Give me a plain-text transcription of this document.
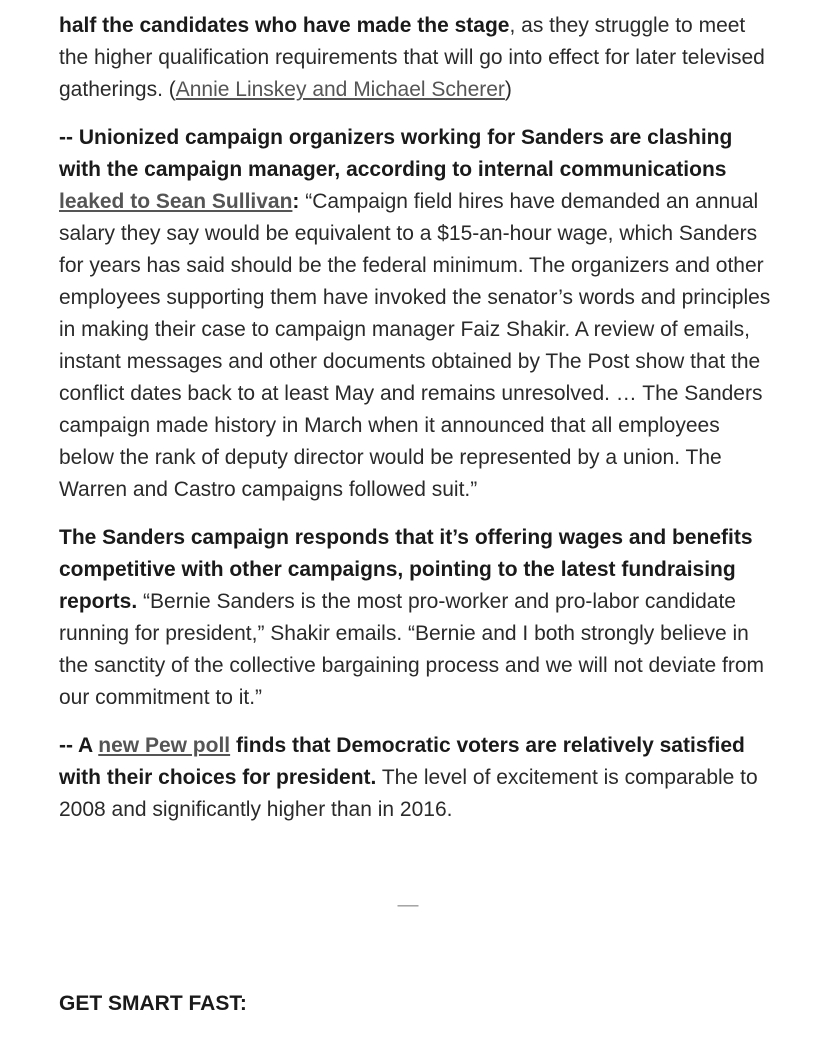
half the candidates who have made the stage, as they struggle to meet the higher qualification requirements that will go into effect for later televised gatherings. (Annie Linskey and Michael Scherer)

-- Unionized campaign organizers working for Sanders are clashing with the campaign manager, according to internal communications leaked to Sean Sullivan: “Campaign field hires have demanded an annual salary they say would be equivalent to a $15-an-hour wage, which Sanders for years has said should be the federal minimum. The organizers and other employees supporting them have invoked the senator’s words and principles in making their case to campaign manager Faiz Shakir. A review of emails, instant messages and other documents obtained by The Post show that the conflict dates back to at least May and remains unresolved. … The Sanders campaign made history in March when it announced that all employees below the rank of deputy director would be represented by a union. The Warren and Castro campaigns followed suit.”

The Sanders campaign responds that it’s offering wages and benefits competitive with other campaigns, pointing to the latest fundraising reports. “Bernie Sanders is the most pro-worker and pro-labor candidate running for president,” Shakir emails. “Bernie and I both strongly believe in the sanctity of the collective bargaining process and we will not deviate from our commitment to it.”

-- A new Pew poll finds that Democratic voters are relatively satisfied with their choices for president. The level of excitement is comparable to 2008 and significantly higher than in 2016.

—
GET SMART FAST:
